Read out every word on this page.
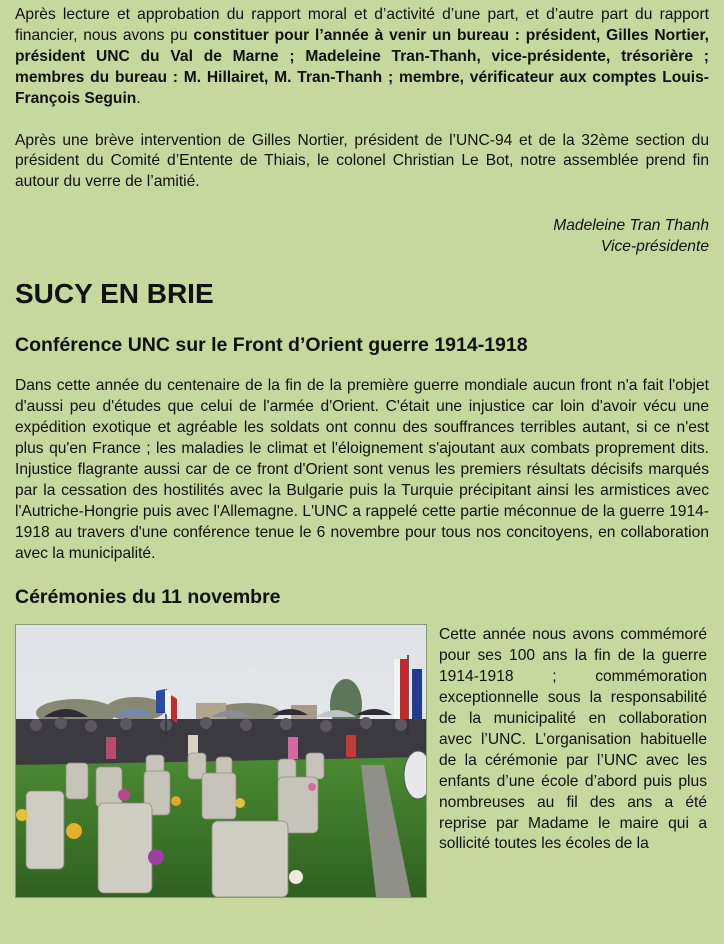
Après lecture et approbation du rapport moral et d’activité d’une part, et d’autre part du rapport financier, nous avons pu constituer pour l’année à venir un bureau : président, Gilles Nortier, président UNC du Val de Marne ; Madeleine Tran-Thanh, vice-présidente, trésorière ; membres du bureau : M. Hillairet, M. Tran-Thanh ; membre, vérificateur aux comptes Louis-François Seguin.

Après une brève intervention de Gilles Nortier, président de l’UNC-94 et de la 32ème section du président du Comité d’Entente de Thiais, le colonel Christian Le Bot, notre assemblée prend fin autour du verre de l’amitié.

Madeleine Tran Thanh
Vice-présidente
SUCY EN BRIE
Conférence UNC sur le Front d’Orient guerre 1914-1918

Dans cette année du centenaire de la fin de la première guerre mondiale aucun front n'a fait l'objet d'aussi peu d'études que celui de l'armée d'Orient. C'était une injustice car loin d'avoir vécu une expédition exotique et agréable les soldats ont connu des souffrances terribles autant, si ce n'est plus qu'en France ; les maladies le climat et l'éloignement s'ajoutant aux combats proprement dits. Injustice flagrante aussi car de ce front d'Orient sont venus les premiers résultats décisifs marqués par la cessation des hostilités avec la Bulgarie puis la Turquie précipitant ainsi les armistices avec l'Autriche-Hongrie puis avec l'Allemagne. L'UNC a rappelé cette partie méconnue de la guerre 1914-1918 au travers d'une conférence tenue le 6 novembre pour tous nos concitoyens, en collaboration avec la municipalité.

Cérémonies du 11 novembre

Cette année nous avons commémoré pour ses 100 ans la fin de la guerre 1914-1918 ; commémoration exceptionnelle sous la responsabilité de la municipalité en collaboration avec l’UNC. L’organisation habituelle de la cérémonie par l’UNC avec les enfants d’une école d’abord puis plus nombreuses au fil des ans a été reprise par Madame le maire qui a sollicité toutes les écoles de la
